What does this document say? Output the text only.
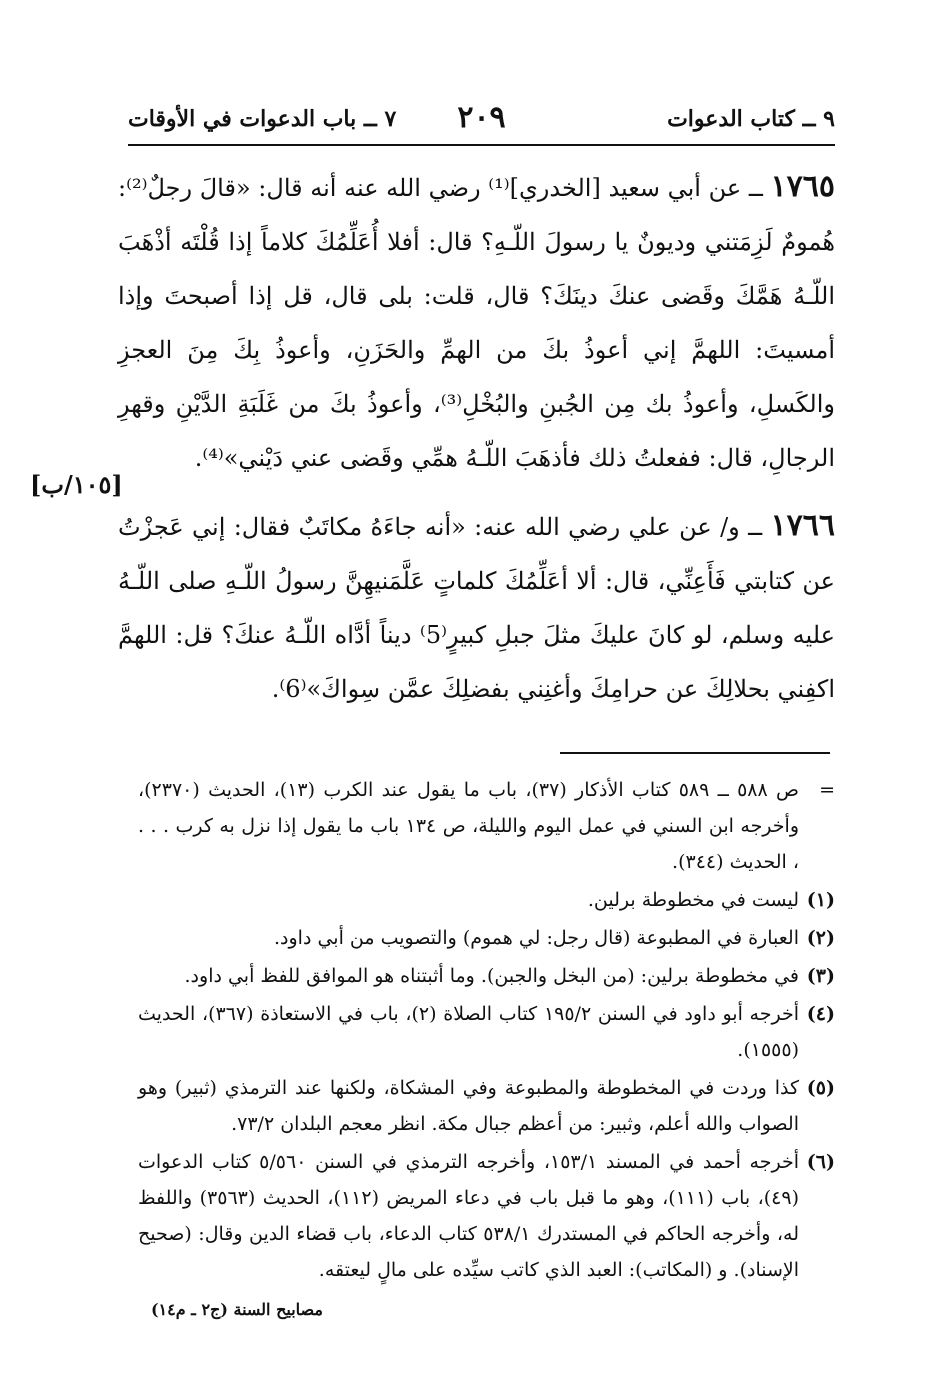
٩ ــ كتاب الدعوات
٢٠٩
٧ ــ باب الدعوات في الأوقات
[١٠٥/ب]

١٧٦٥ ــ عن أبي سعيد [الخدري]⁽¹⁾ رضي الله عنه أنه قال: «قالَ رجلٌ⁽²⁾: هُمومٌ لَزِمَتني وديونٌ يا رسولَ اللّـهِ؟ قال: أفلا أُعَلِّمُكَ كلاماً إذا قُلْتَه أذْهَبَ اللّـهُ هَمَّكَ وقَضى عنكَ دينَكَ؟ قال، قلت: بلى قال، قل إذا أصبحتَ وإذا أمسيتَ: اللهمَّ إني أعوذُ بكَ من الهمِّ والحَزَنِ، وأعوذُ بِكَ مِنَ العجزِ والكَسلِ، وأعوذُ بك مِن الجُبنِ والبُخْلِ⁽³⁾، وأعوذُ بكَ من غَلَبَةِ الدَّيْنِ وقهرِ الرجالِ، قال: ففعلتُ ذلك فأذهَبَ اللّـهُ همِّي وقَضى عني دَيْني»⁽⁴⁾.

١٧٦٦ ــ و/ عن علي رضي الله عنه: «أنه جاءَهُ مكاتَبٌ فقال: إني عَجزْتُ عن كتابتي فَأَعِنِّي، قال: ألا أعَلِّمُكَ كلماتٍ عَلَّمَنيهِنَّ رسولُ اللّـهِ صلى اللّـهُ عليه وسلم، لو كانَ عليكَ مثلَ جبلِ كبيرٍ⁽5⁾ ديناً أدَّاه اللّـهُ عنكَ؟ قل: اللهمَّ اكفِني بحلالِكَ عن حرامِكَ وأغنِني بفضلِكَ عمَّن سِواكَ»⁽6⁾.

=
ص ٥٨٨ ــ ٥٨٩ كتاب الأذكار (٣٧)، باب ما يقول عند الكرب (١٣)، الحديث (٢٣٧٠)، وأخرجه ابن السني في عمل اليوم والليلة، ص ١٣٤ باب ما يقول إذا نزل به كرب . . . ، الحديث (٣٤٤).

(١)
ليست في مخطوطة برلين.

(٢)
العبارة في المطبوعة (قال رجل: لي هموم) والتصويب من أبي داود.

(٣)
في مخطوطة برلين: (من البخل والجبن). وما أثبتناه هو الموافق للفظ أبي داود.

(٤)
أخرجه أبو داود في السنن ١٩٥/٢ كتاب الصلاة (٢)، باب في الاستعاذة (٣٦٧)، الحديث (١٥٥٥).

(٥)
كذا وردت في المخطوطة والمطبوعة وفي المشكاة، ولكنها عند الترمذي (ثبير) وهو الصواب والله أعلم، وثبير: من أعظم جبال مكة. انظر معجم البلدان ٧٣/٢.

(٦)
أخرجه أحمد في المسند ١٥٣/١، وأخرجه الترمذي في السنن ٥/٥٦٠ كتاب الدعوات (٤٩)، باب (١١١)، وهو ما قبل باب في دعاء المريض (١١٢)، الحديث (٣٥٦٣) واللفظ له، وأخرجه الحاكم في المستدرك ٥٣٨/١ كتاب الدعاء، باب قضاء الدين وقال: (صحيح الإسناد). و (المكاتب): العبد الذي كاتب سيِّده على مالٍ ليعتقه.

مصابيح السنة (ج٢ ـ م١٤)
